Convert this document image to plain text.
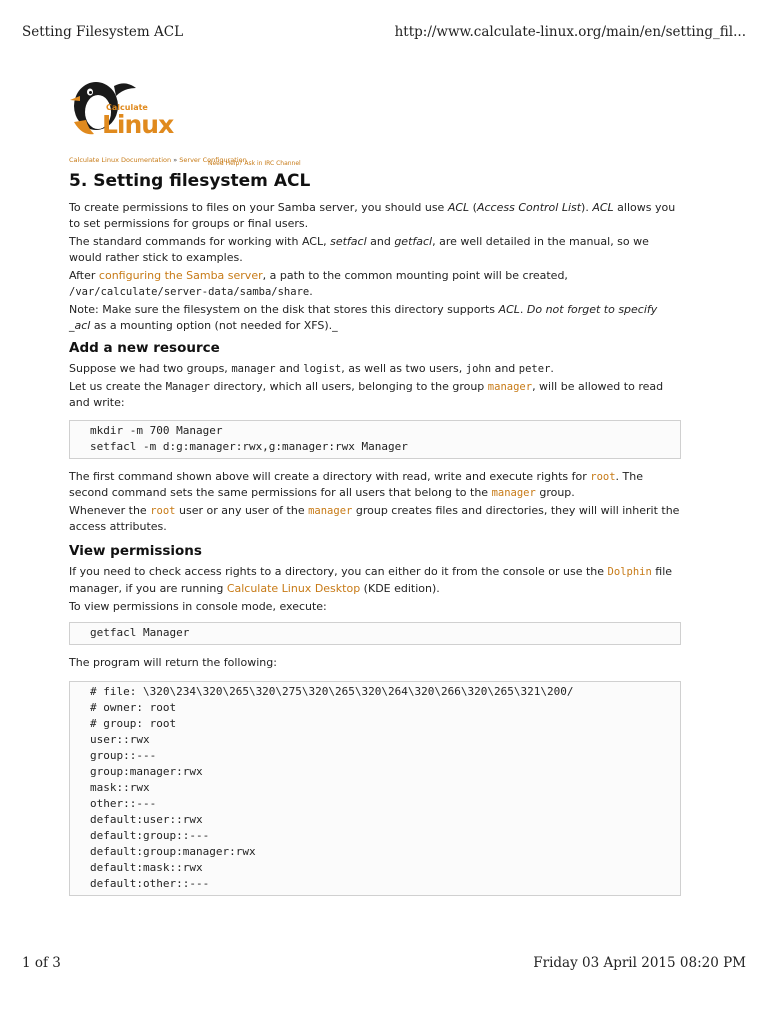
Setting Filesystem ACL	http://www.calculate-linux.org/main/en/setting_fil...
Calculate
Linux
Calculate Linux Documentation » Server Configuration
Need Help? Ask in IRC Channel
5. Setting filesystem ACL

To create permissions to files on your Samba server, you should use ACL (Access Control List). ACL allows you to set permissions for groups or final users.

The standard commands for working with ACL, setfacl and getfacl, are well detailed in the manual, so we would rather stick to examples.

After configuring the Samba server, a path to the common mounting point will be created, /var/calculate/server-data/samba/share.

Note: Make sure the filesystem on the disk that stores this directory supports ACL. Do not forget to specify _acl as a mounting option (not needed for XFS)._

Add a new resource

Suppose we had two groups, manager and logist, as well as two users, john and peter.

Let us create the Manager directory, which all users, belonging to the group manager, will be allowed to read and write:

mkdir -m 700 Manager
setfacl -m d:g:manager:rwx,g:manager:rwx Manager

The first command shown above will create a directory with read, write and execute rights for root. The second command sets the same permissions for all users that belong to the manager group.

Whenever the root user or any user of the manager group creates files and directories, they will will inherit the access attributes.

View permissions

If you need to check access rights to a directory, you can either do it from the console or use the Dolphin file manager, if you are running Calculate Linux Desktop (KDE edition).

To view permissions in console mode, execute:

getfacl Manager

The program will return the following:

# file: \320\234\320\265\320\275\320\265\320\264\320\266\320\265\321\200/
# owner: root
# group: root
user::rwx
group::---
group:manager:rwx
mask::rwx
other::---
default:user::rwx
default:group::---
default:group:manager:rwx
default:mask::rwx
default:other::---
1 of 3	Friday 03 April 2015 08:20 PM
